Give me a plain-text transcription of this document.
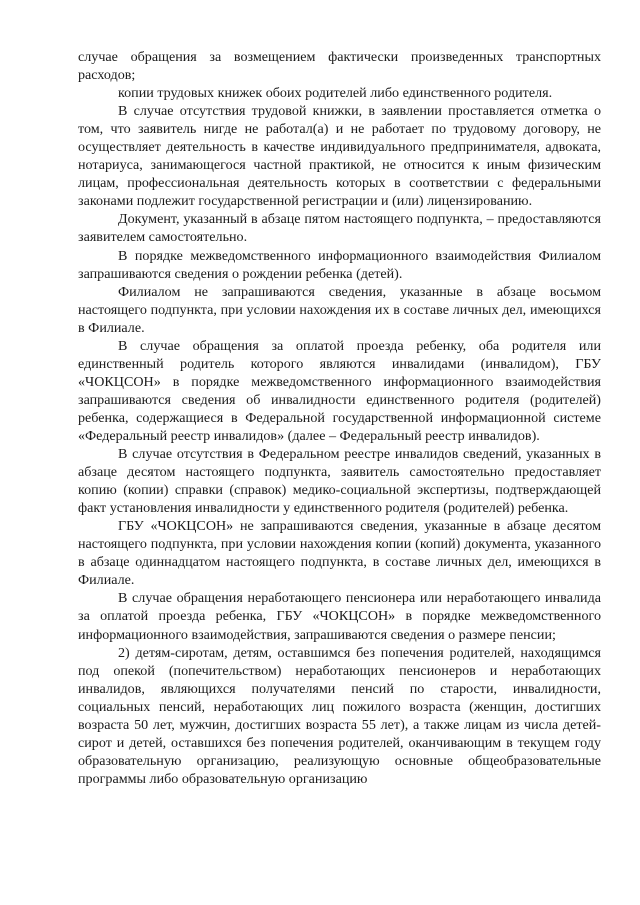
случае обращения за возмещением фактически произведенных транспортных расходов;

копии трудовых книжек обоих родителей либо единственного родителя.

В случае отсутствия трудовой книжки, в заявлении проставляется отметка о том, что заявитель нигде не работал(а) и не работает по трудовому договору, не осуществляет деятельность в качестве индивидуального предпринимателя, адвоката, нотариуса, занимающегося частной практикой, не относится к иным физическим лицам, профессиональная деятельность которых в соответствии с федеральными законами подлежит государственной регистрации и (или) лицензированию.

Документ, указанный в абзаце пятом настоящего подпункта, – предоставляются заявителем самостоятельно.

В порядке межведомственного информационного взаимодействия Филиалом запрашиваются сведения о рождении ребенка (детей).

Филиалом не запрашиваются сведения, указанные в абзаце восьмом настоящего подпункта, при условии нахождения их в составе личных дел, имеющихся в Филиале.

В случае обращения за оплатой проезда ребенку, оба родителя или единственный родитель которого являются инвалидами (инвалидом), ГБУ «ЧОКЦСОН» в порядке межведомственного информационного взаимодействия запрашиваются сведения об инвалидности единственного родителя (родителей) ребенка, содержащиеся в Федеральной государственной информационной системе «Федеральный реестр инвалидов» (далее – Федеральный реестр инвалидов).

В случае отсутствия в Федеральном реестре инвалидов сведений, указанных в абзаце десятом настоящего подпункта, заявитель самостоятельно предоставляет копию (копии) справки (справок) медико-социальной экспертизы, подтверждающей факт установления инвалидности у единственного родителя (родителей) ребенка.

ГБУ «ЧОКЦСОН» не запрашиваются сведения, указанные в абзаце десятом настоящего подпункта, при условии нахождения копии (копий) документа, указанного в абзаце одиннадцатом настоящего подпункта, в составе личных дел, имеющихся в Филиале.

В случае обращения неработающего пенсионера или неработающего инвалида за оплатой проезда ребенка, ГБУ «ЧОКЦСОН» в порядке межведомственного информационного взаимодействия, запрашиваются сведения о размере пенсии;

2) детям-сиротам, детям, оставшимся без попечения родителей, находящимся под опекой (попечительством) неработающих пенсионеров и неработающих инвалидов, являющихся получателями пенсий по старости, инвалидности, социальных пенсий, неработающих лиц пожилого возраста (женщин, достигших возраста 50 лет, мужчин, достигших возраста 55 лет), а также лицам из числа детей-сирот и детей, оставшихся без попечения родителей, оканчивающим в текущем году образовательную организацию, реализующую основные общеобразовательные программы либо образовательную организацию
